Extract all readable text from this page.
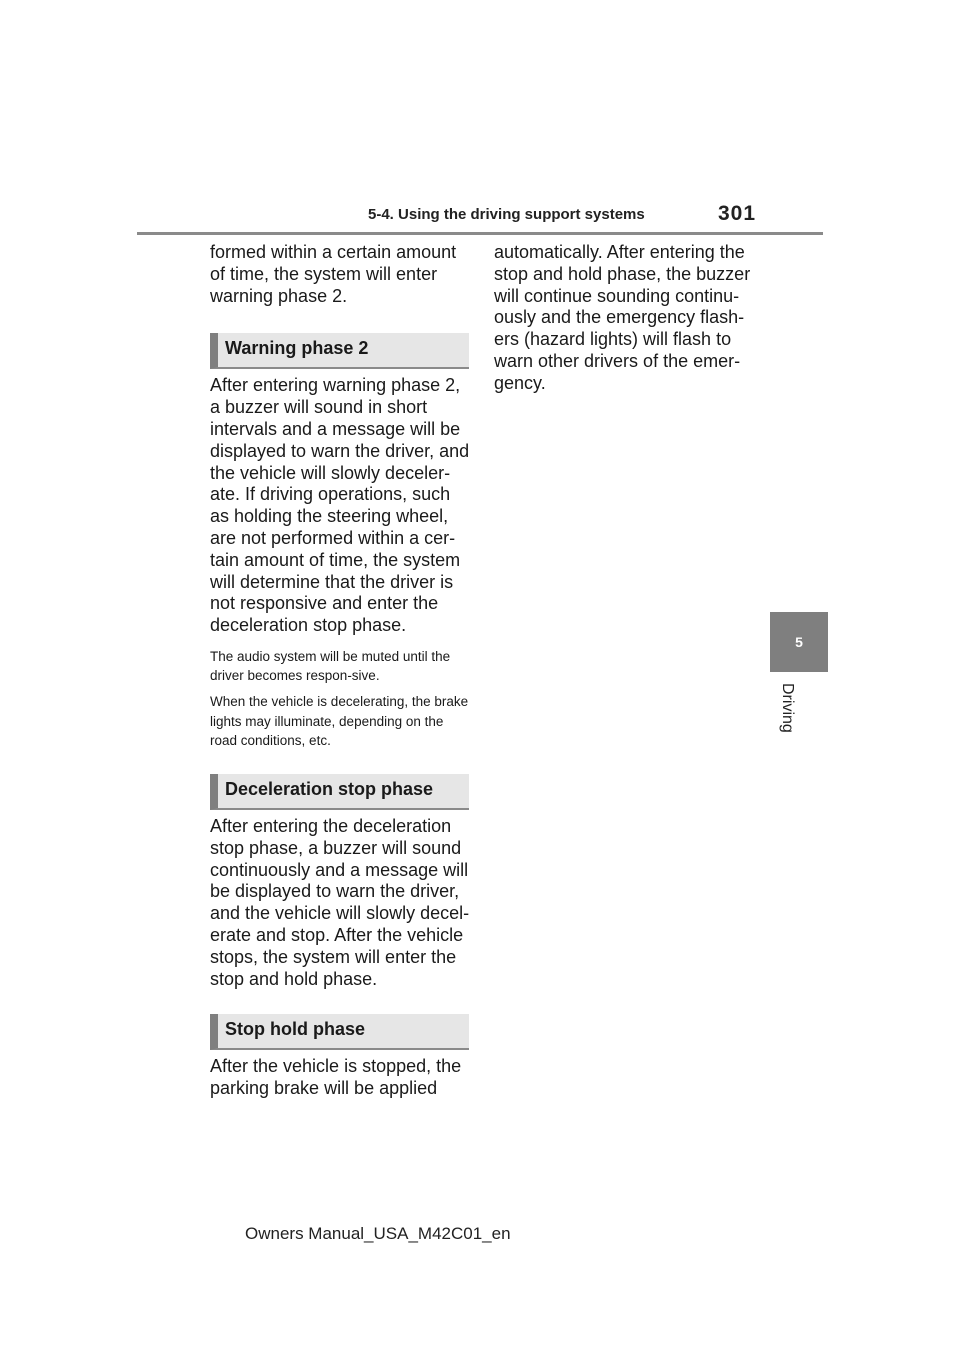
5-4. Using the driving support systems	301
5
Driving

formed within a certain amount of time, the system will enter warning phase 2.

Warning phase 2

After entering warning phase 2, a buzzer will sound in short intervals and a message will be displayed to warn the driver, and the vehicle will slowly deceler-ate. If driving operations, such as holding the steering wheel, are not performed within a cer-tain amount of time, the system will determine that the driver is not responsive and enter the deceleration stop phase.

The audio system will be muted until the driver becomes respon-sive.

When the vehicle is decelerating, the brake lights may illuminate, depending on the road conditions, etc.

Deceleration stop phase

After entering the deceleration stop phase, a buzzer will sound continuously and a message will be displayed to warn the driver, and the vehicle will slowly decel-erate and stop. After the vehicle stops, the system will enter the stop and hold phase.

Stop hold phase

After the vehicle is stopped, the parking brake will be applied

automatically. After entering the stop and hold phase, the buzzer will continue sounding continu-ously and the emergency flash-ers (hazard lights) will flash to warn other drivers of the emer-gency.

Owners Manual_USA_M42C01_en
